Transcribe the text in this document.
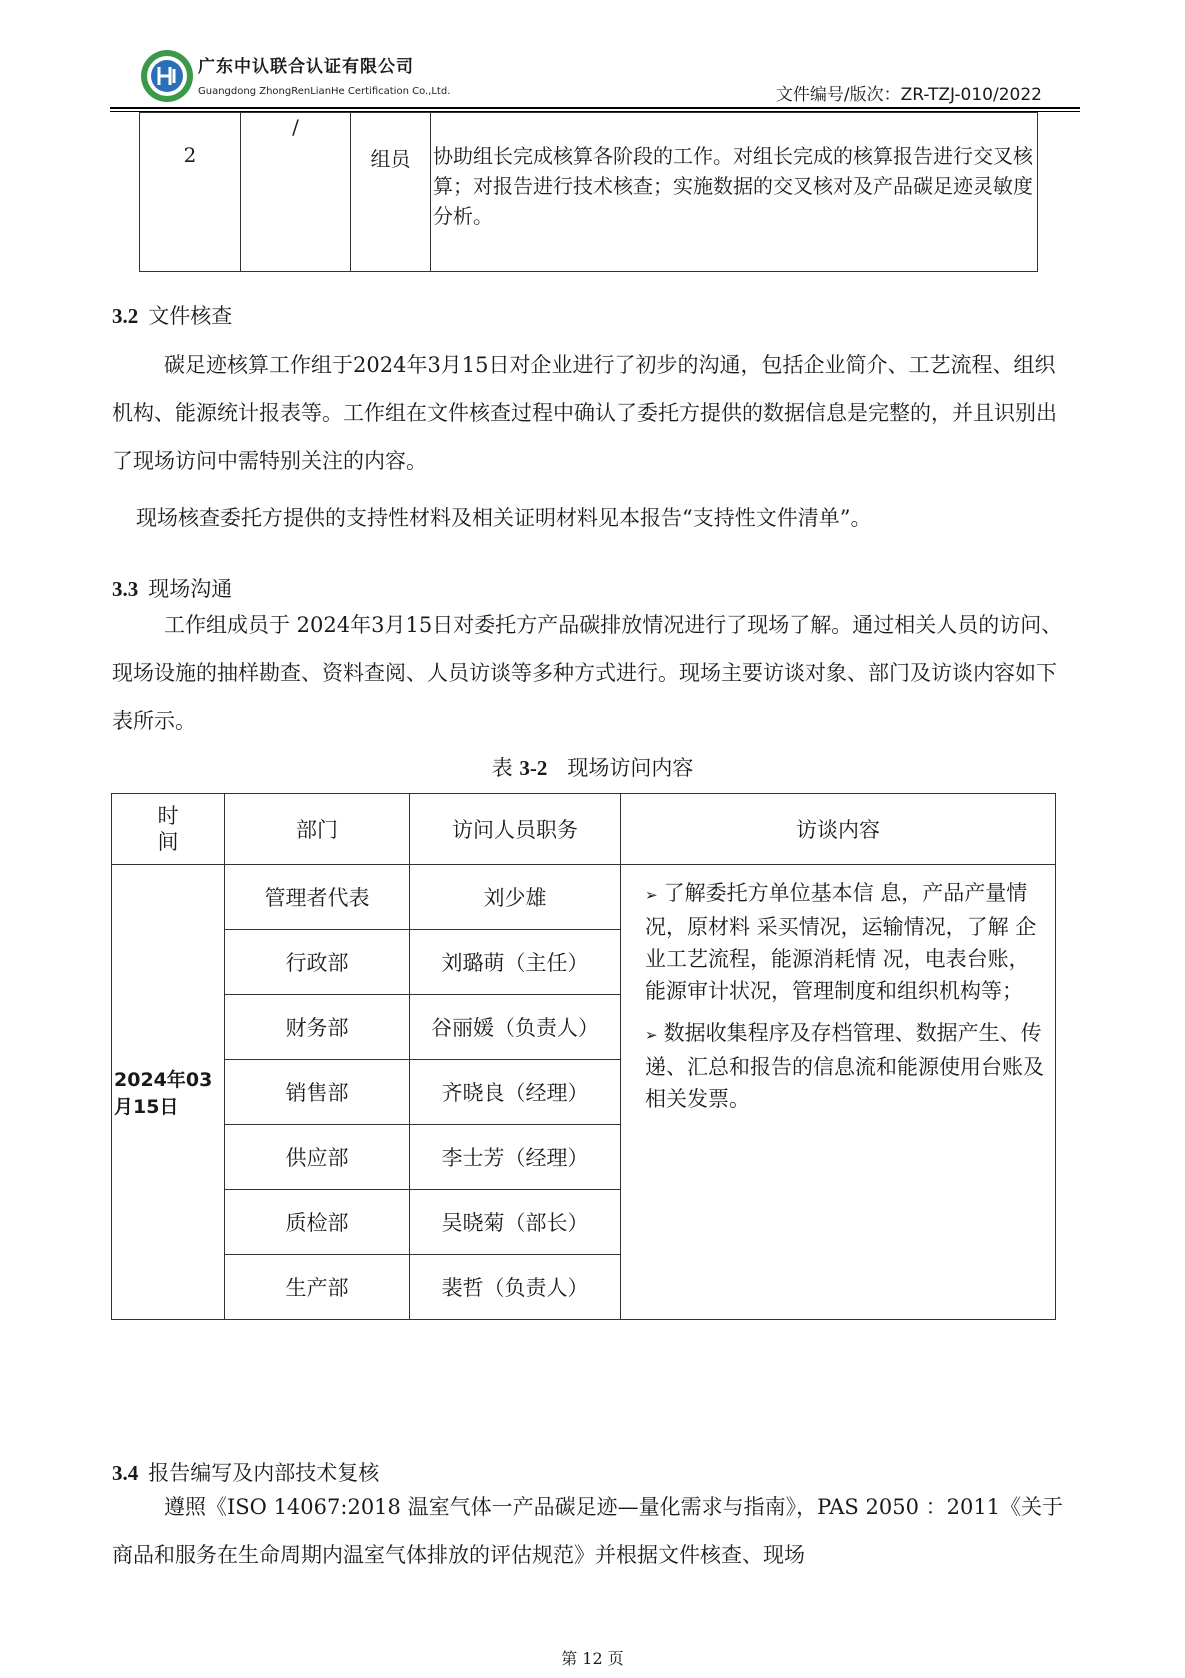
广东中认联合认证有限公司
Guangdong ZhongRenLianHe Certification Co.,Ltd.	文件编号/版次：ZR-TZJ-010/2022
2	/	组员	协助组长完成核算各阶段的工作。对组长完成的核算报告进行交叉核算；对报告进行技术核查；实施数据的交叉核对及产品碳足迹灵敏度分析。
3.2 文件核查
碳足迹核算工作组于2024年3月15日对企业进行了初步的沟通，包括企业简介、工艺流程、组织机构、能源统计报表等。工作组在文件核查过程中确认了委托方提供的数据信息是完整的，并且识别出了现场访问中需特别关注的内容。
现场核查委托方提供的支持性材料及相关证明材料见本报告“支持性文件清单”。
3.3 现场沟通
工作组成员于 2024年3月15日对委托方产品碳排放情况进行了现场了解。通过相关人员的访问、现场设施的抽样勘查、资料查阅、人员访谈等多种方式进行。现场主要访谈对象、部门及访谈内容如下表所示。
表 3-2 现场访问内容
时
间	部门	访问人员职务	访谈内容
2024年03月15日	管理者代表	刘少雄	➢ 了解委托方单位基本信 息，产品产量情况，原材料 采买情况，运输情况，了解 企业工艺流程，能源消耗情 况，电表台账，能源审计状况，管理制度和组织机构等；
➢ 数据收集程序及存档管理、数据产生、传递、汇总和报告的信息流和能源使用台账及相关发票。

	行政部	刘璐萌（主任）	
	财务部	谷丽媛（负责人）	
	销售部	齐晓良（经理）	
	供应部	李士芳（经理）	
	质检部	吴晓菊（部长）	
	生产部	裴哲（负责人）	
3.4 报告编写及内部技术复核
遵照《ISO 14067:2018 温室气体一产品碳足迹—量化需求与指南》，PAS 2050 ：2011《关于商品和服务在生命周期内温室气体排放的评估规范》并根据文件核查、现场
第 12 页
